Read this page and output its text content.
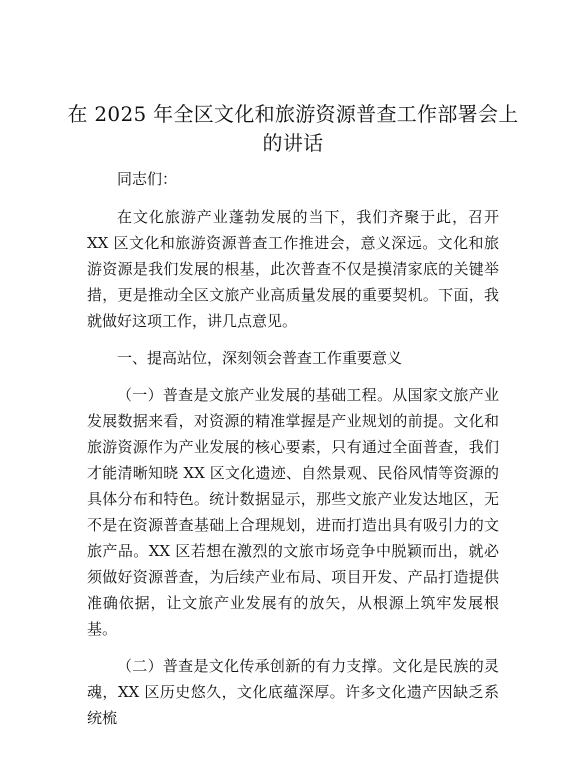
在 2025 年全区文化和旅游资源普查工作部署会上的讲话

同志们：

在文化旅游产业蓬勃发展的当下，我们齐聚于此，召开 XX 区文化和旅游资源普查工作推进会，意义深远。文化和旅游资源是我们发展的根基，此次普查不仅是摸清家底的关键举措，更是推动全区文旅产业高质量发展的重要契机。下面，我就做好这项工作，讲几点意见。

一、提高站位，深刻领会普查工作重要意义

（一）普查是文旅产业发展的基础工程。从国家文旅产业发展数据来看，对资源的精准掌握是产业规划的前提。文化和旅游资源作为产业发展的核心要素，只有通过全面普查，我们才能清晰知晓 XX 区文化遗迹、自然景观、民俗风情等资源的具体分布和特色。统计数据显示，那些文旅产业发达地区，无不是在资源普查基础上合理规划，进而打造出具有吸引力的文旅产品。XX 区若想在激烈的文旅市场竞争中脱颖而出，就必须做好资源普查，为后续产业布局、项目开发、产品打造提供准确依据，让文旅产业发展有的放矢，从根源上筑牢发展根基。

（二）普查是文化传承创新的有力支撑。文化是民族的灵魂，XX 区历史悠久，文化底蕴深厚。许多文化遗产因缺乏系统梳
